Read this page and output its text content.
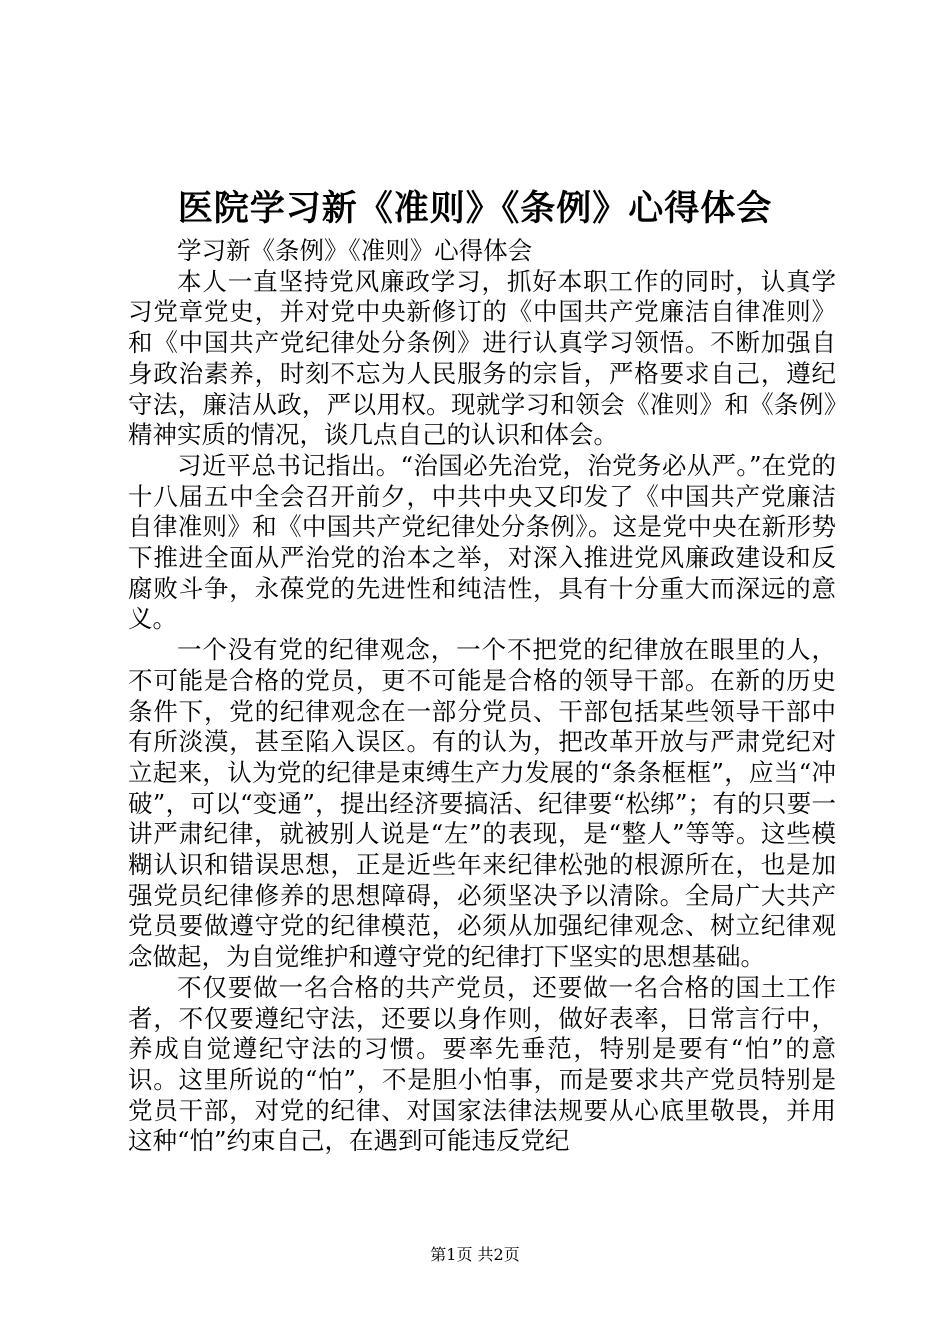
医院学习新《准则》《条例》心得体会

学习新《条例》《准则》心得体会

本人一直坚持党风廉政学习，抓好本职工作的同时，认真学习党章党史，并对党中央新修订的《中国共产党廉洁自律准则》和《中国共产党纪律处分条例》进行认真学习领悟。不断加强自身政治素养，时刻不忘为人民服务的宗旨，严格要求自己，遵纪守法，廉洁从政，严以用权。现就学习和领会《准则》和《条例》精神实质的情况，谈几点自己的认识和体会。

习近平总书记指出。“治国必先治党，治党务必从严。”在党的十八届五中全会召开前夕，中共中央又印发了《中国共产党廉洁自律准则》和《中国共产党纪律处分条例》。这是党中央在新形势下推进全面从严治党的治本之举，对深入推进党风廉政建设和反腐败斗争，永葆党的先进性和纯洁性，具有十分重大而深远的意义。

一个没有党的纪律观念，一个不把党的纪律放在眼里的人，不可能是合格的党员，更不可能是合格的领导干部。在新的历史条件下，党的纪律观念在一部分党员、干部包括某些领导干部中有所淡漠，甚至陷入误区。有的认为，把改革开放与严肃党纪对立起来，认为党的纪律是束缚生产力发展的“条条框框”，应当“冲破”，可以“变通”，提出经济要搞活、纪律要“松绑”；有的只要一讲严肃纪律，就被别人说是“左”的表现，是“整人”等等。这些模糊认识和错误思想，正是近些年来纪律松弛的根源所在，也是加强党员纪律修养的思想障碍，必须坚决予以清除。全局广大共产党员要做遵守党的纪律模范，必须从加强纪律观念、树立纪律观念做起，为自觉维护和遵守党的纪律打下坚实的思想基础。

不仅要做一名合格的共产党员，还要做一名合格的国土工作者，不仅要遵纪守法，还要以身作则，做好表率，日常言行中，养成自觉遵纪守法的习惯。要率先垂范，特别是要有“怕”的意识。这里所说的“怕”，不是胆小怕事，而是要求共产党员特别是党员干部，对党的纪律、对国家法律法规要从心底里敬畏，并用这种“怕”约束自己，在遇到可能违反党纪

第1页 共2页
